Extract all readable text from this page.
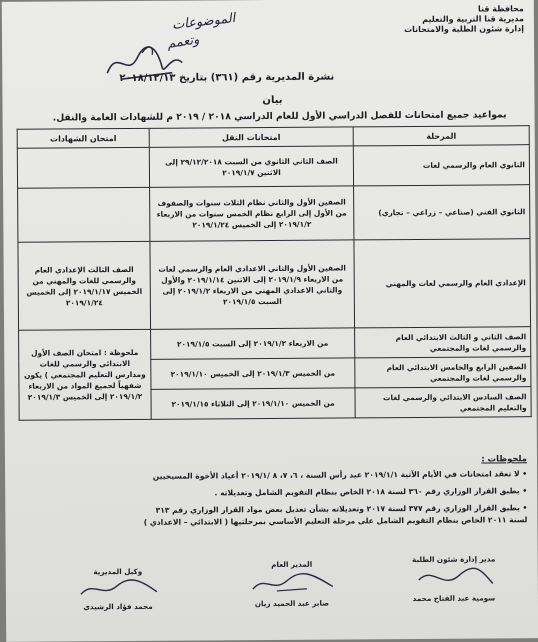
محافظة قنا
مديرية قنا التربية والتعليم
إدارة شئون الطلبة والامتحانات
الموضوعات
وتعمم
نشرة المديرية رقم (٣٦١) بتاريخ ٢٠١٨/١٢/١٣
بيان
بمواعيد جميع امتحانات للفصل الدراسي الأول للعام الدراسي ٢٠١٨ / ٢٠١٩ م للشهادات العامة والنقل.
المرحلة	امتحانات النقل	امتحان الشهادات
الثانوي العام والرسمي لغات	الصف الثاني الثانوي من السبت ٢٩/١٢/٢٠١٨ إلى الاثنين ٢٠١٩/١/٧	
الثانوي الفني (صناعي – زراعي – تجاري)	الصفين الأول والثاني نظام الثلاث سنوات والصفوف من الأول إلى الرابع نظام الخمس سنوات من الاربعاء ٢٠١٩/١/٢ إلى الخميس ٢٠١٩/١/٢٤	
الإعدادي العام والرسمي لغات والمهني	الصفين الأول والثاني الاعدادي العام والرسمي لغات من الاربعاء ٢٠١٩/١/٩ إلى الاثنين ٢٠١٩/١/١٤ والأول والثاني الاعدادي المهني من الاربعاء ٢٠١٩/١/٢ إلى السبت ٢٠١٩/١/٥	الصف الثالث الإعدادي العام والرسمي للغات والمهني من الخميس ٢٠١٩/١/١٧ إلى الخميس ٢٠١٩/١/٢٤
الصف الثاني و الثالث الابتدائي العام والرسمي لغات والمجتمعي	من الاربعاء ٢٠١٩/١/٢ إلى السبت ٢٠١٩/١/٥	ملحوظة : امتحان الصف الأول الابتدائي والرسمي للغات ومدارس التعليم المجتمعي ) يكون شفهياً لجميع المواد من الاربعاء ٢٠١٩/١/٢ إلى الخميس ٢٠١٩/١/٣
الصفين الرابع والخامس الابتدائي العام والرسمي لغات والمجتمعي	من الخميس ٢٠١٩/١/٣ إلى الخميس ٢٠١٩/١/١٠	
الصف السادس الابتدائي والرسمي لغات والتعليم المجتمعي	من الخميس ٢٠١٩/١/١٠ إلى الثلاثاء ٢٠١٩/١/١٥	
ملحوظات :
• لا تعقد امتحانات في الأيام الآتية ٢٠١٩/١/١ عيد رأس السنة ، ٦، ٧، ٨ /٢٠١٩/١ أعياد الأخوة المسيحيين
• يطبق القرار الوزاري رقم ٣٦٠ لسنة ٢٠١٨ الخاص بنظام التقويم الشامل وتعديلاته .
• يطبق القرار الوزاري رقم ٣٧٧ لسنة ٢٠١٧ وتعديلاته بشأن تعديل بعض مواد القرار الوزاري رقم ٣١٣
لسنة ٢٠١١ الخاص بنظام التقويم الشامل على مرحلة التعليم الأساسي بمرحلتيها ( الابتدائي – الاعدادي )
وكيل المديرية
محمد فؤاد الرشيدي
المدير العام
صابر عبد الحميد زيان
مدير إدارة شئون الطلبة
سومية عبد الفتاح محمد
